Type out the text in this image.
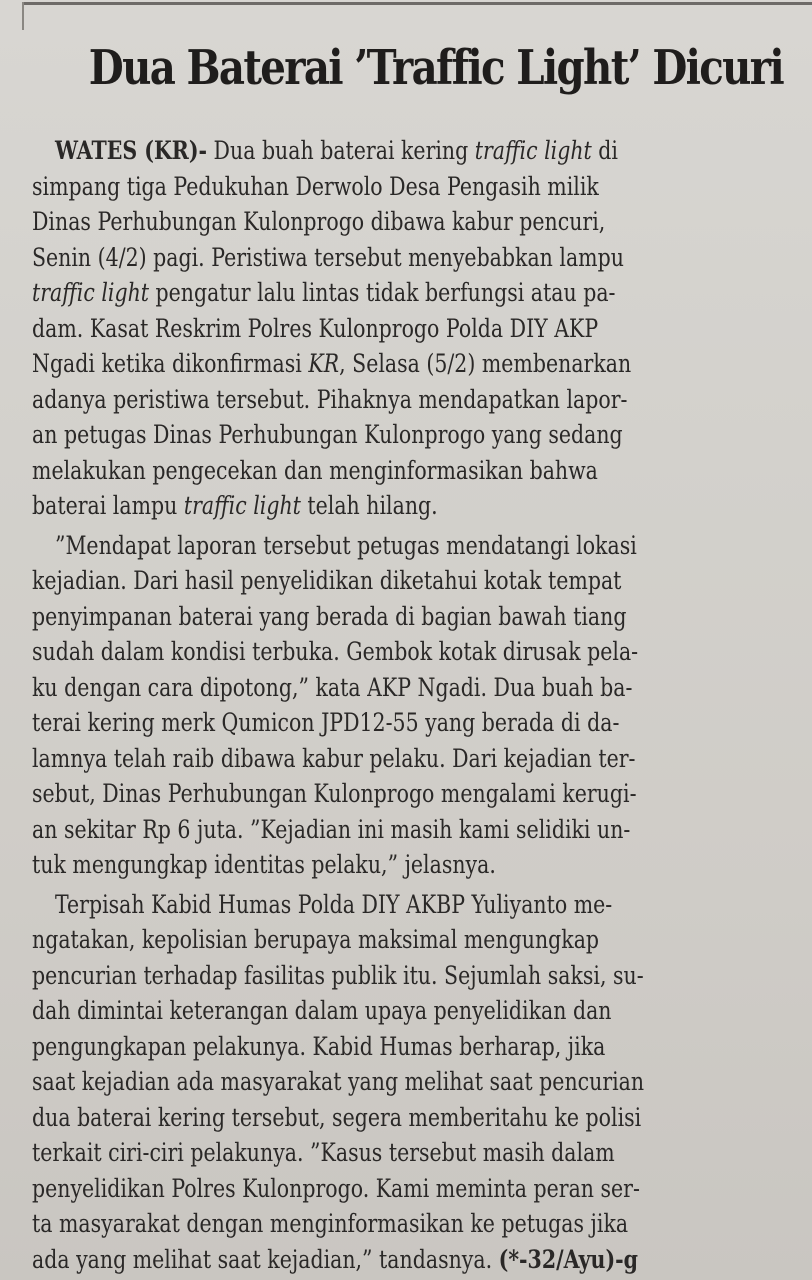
Dua Baterai ’Traffic Light’ Dicuri
WATES (KR)- Dua buah baterai kering traffic light di
simpang tiga Pedukuhan Derwolo Desa Pengasih milik
Dinas Perhubungan Kulonprogo dibawa kabur pencuri,
Senin (4/2) pagi. Peristiwa tersebut menyebabkan lampu
traffic light pengatur lalu lintas tidak berfungsi atau pa-
dam. Kasat Reskrim Polres Kulonprogo Polda DIY AKP
Ngadi ketika dikonfirmasi KR, Selasa (5/2) membenarkan
adanya peristiwa tersebut. Pihaknya mendapatkan lapor-
an petugas Dinas Perhubungan Kulonprogo yang sedang
melakukan pengecekan dan menginformasikan bahwa
baterai lampu traffic light telah hilang.
”Mendapat laporan tersebut petugas mendatangi lokasi
kejadian. Dari hasil penyelidikan diketahui kotak tempat
penyimpanan baterai yang berada di bagian bawah tiang
sudah dalam kondisi terbuka. Gembok kotak dirusak pela-
ku dengan cara dipotong,” kata AKP Ngadi. Dua buah ba-
terai kering merk Qumicon JPD12-55 yang berada di da-
lamnya telah raib dibawa kabur pelaku. Dari kejadian ter-
sebut, Dinas Perhubungan Kulonprogo mengalami kerugi-
an sekitar Rp 6 juta. ”Kejadian ini masih kami selidiki un-
tuk mengungkap identitas pelaku,” jelasnya.
Terpisah Kabid Humas Polda DIY AKBP Yuliyanto me-
ngatakan, kepolisian berupaya maksimal mengungkap
pencurian terhadap fasilitas publik itu. Sejumlah saksi, su-
dah dimintai keterangan dalam upaya penyelidikan dan
pengungkapan pelakunya. Kabid Humas berharap, jika
saat kejadian ada masyarakat yang melihat saat pencurian
dua baterai kering tersebut, segera memberitahu ke polisi
terkait ciri-ciri pelakunya. ”Kasus tersebut masih dalam
penyelidikan Polres Kulonprogo. Kami meminta peran ser-
ta masyarakat dengan menginformasikan ke petugas jika
ada yang melihat saat kejadian,” tandasnya. (*-32/Ayu)-g
